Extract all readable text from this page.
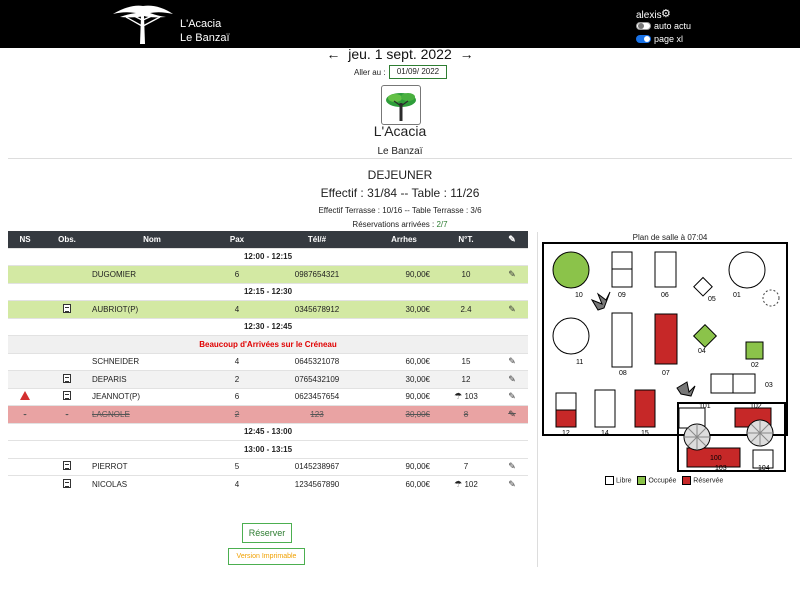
L'Acacia
Le Banzaï
alexis ⚙
auto actu
page xl
← jeu. 1 sept. 2022 →
Aller au :	01/09/ 2022
L'Acacia
Le Banzaï
DEJEUNER
Effectif : 31/84 -- Table : 11/26
Effectif Terrasse : 10/16 -- Table Terrasse : 3/6
Réservations arrivées : 2/7
NS	Obs.	Nom	Pax	Tél/#	Arrhes	N°T.	✎
12:00 - 12:15							
		DUGOMIER	6	0987654321	90,00€	10	✎
12:15 - 12:30							
		AUBRIOT(P)	4	0345678912	30,00€	2.4	✎
12:30 - 12:45							
Beaucoup d'Arrivées sur le Créneau							
		SCHNEIDER	4	0645321078	60,00€	15	✎
		DEPARIS	2	0765432109	30,00€	12	✎
		JEANNOT(P)	6	0623457654	90,00€	☂ 103	✎
-	-	LAGNOLE	2	123	30,00€	8	✎
12:45 - 13:00							
13:00 - 13:15							
		PIERROT	5	0145238967	90,00€	7	✎
		NICOLAS	4	1234567890	60,00€	☂ 102	✎
Réserver
Version Imprimable
Plan de salle à 07:04
10	09	06
05
01
11
08	07
04
02
03
12	14	15
101	102
103	104
100
Libre Occupée Réservée
